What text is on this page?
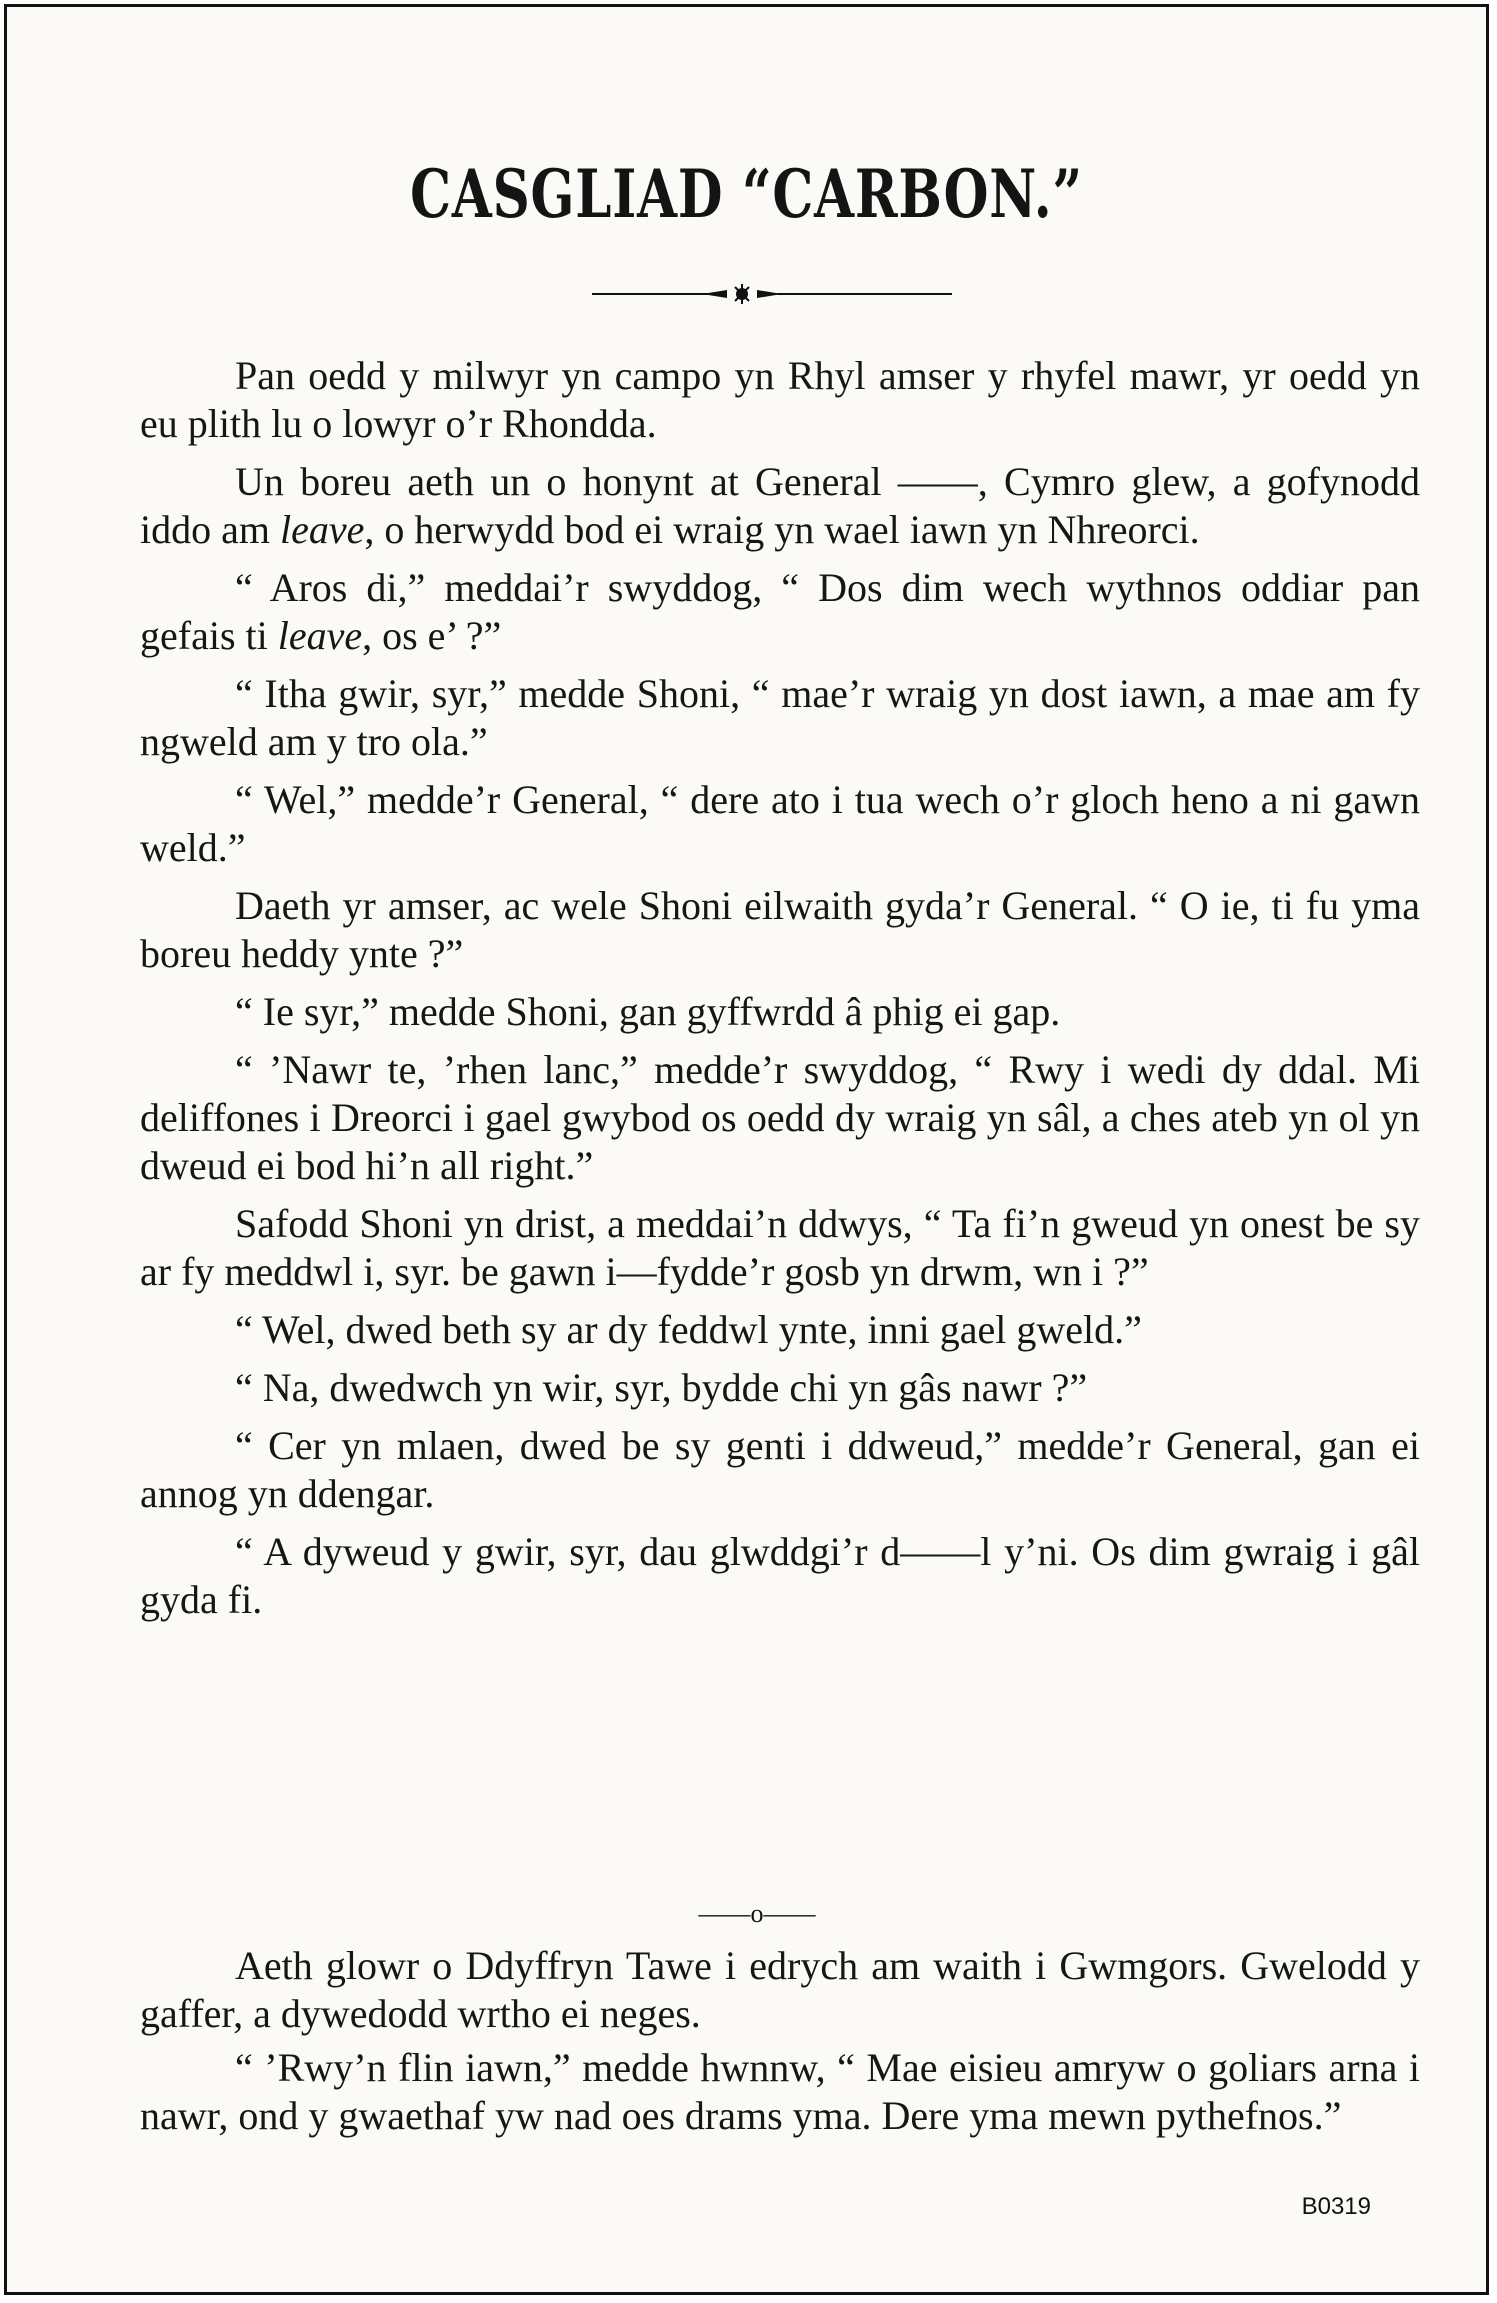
CASGLIAD “CARBON.”

Pan oedd y milwyr yn campo yn Rhyl amser y rhyfel mawr, yr oedd yn eu plith lu o lowyr o’r Rhondda.

Un boreu aeth un o honynt at General ——, Cymro glew, a gofynodd iddo am leave, o herwydd bod ei wraig yn wael iawn yn Nhreorci.

“ Aros di,” meddai’r swyddog, “ Dos dim wech wythnos oddiar pan gefais ti leave, os e’ ?”

“ Itha gwir, syr,” medde Shoni, “ mae’r wraig yn dost iawn, a mae am fy ngweld am y tro ola.”

“ Wel,” medde’r General, “ dere ato i tua wech o’r gloch heno a ni gawn weld.”

Daeth yr amser, ac wele Shoni eilwaith gyda’r General. “ O ie, ti fu yma boreu heddy ynte ?”

“ Ie syr,” medde Shoni, gan gyffwrdd â phig ei gap.

“ ’Nawr te, ’rhen lanc,” medde’r swyddog, “ Rwy i wedi dy ddal. Mi deliffones i Dreorci i gael gwybod os oedd dy wraig yn sâl, a ches ateb yn ol yn dweud ei bod hi’n all right.”

Safodd Shoni yn drist, a meddai’n ddwys, “ Ta fi’n gweud yn onest be sy ar fy meddwl i, syr. be gawn i—fydde’r gosb yn drwm, wn i ?”

“ Wel, dwed beth sy ar dy feddwl ynte, inni gael gweld.”

“ Na, dwedwch yn wir, syr, bydde chi yn gâs nawr ?”

“ Cer yn mlaen, dwed be sy genti i ddweud,” medde’r General, gan ei annog yn ddengar.

“ A dyweud y gwir, syr, dau glwddgi’r d——l y’ni. Os dim gwraig i gâl gyda fi.

——o——

Aeth glowr o Ddyffryn Tawe i edrych am waith i Gwmgors. Gwelodd y gaffer, a dywedodd wrtho ei neges.

“ ’Rwy’n flin iawn,” medde hwnnw, “ Mae eisieu amryw o goliars arna i nawr, ond y gwaethaf yw nad oes drams yma. Dere yma mewn pythefnos.”

B0319
